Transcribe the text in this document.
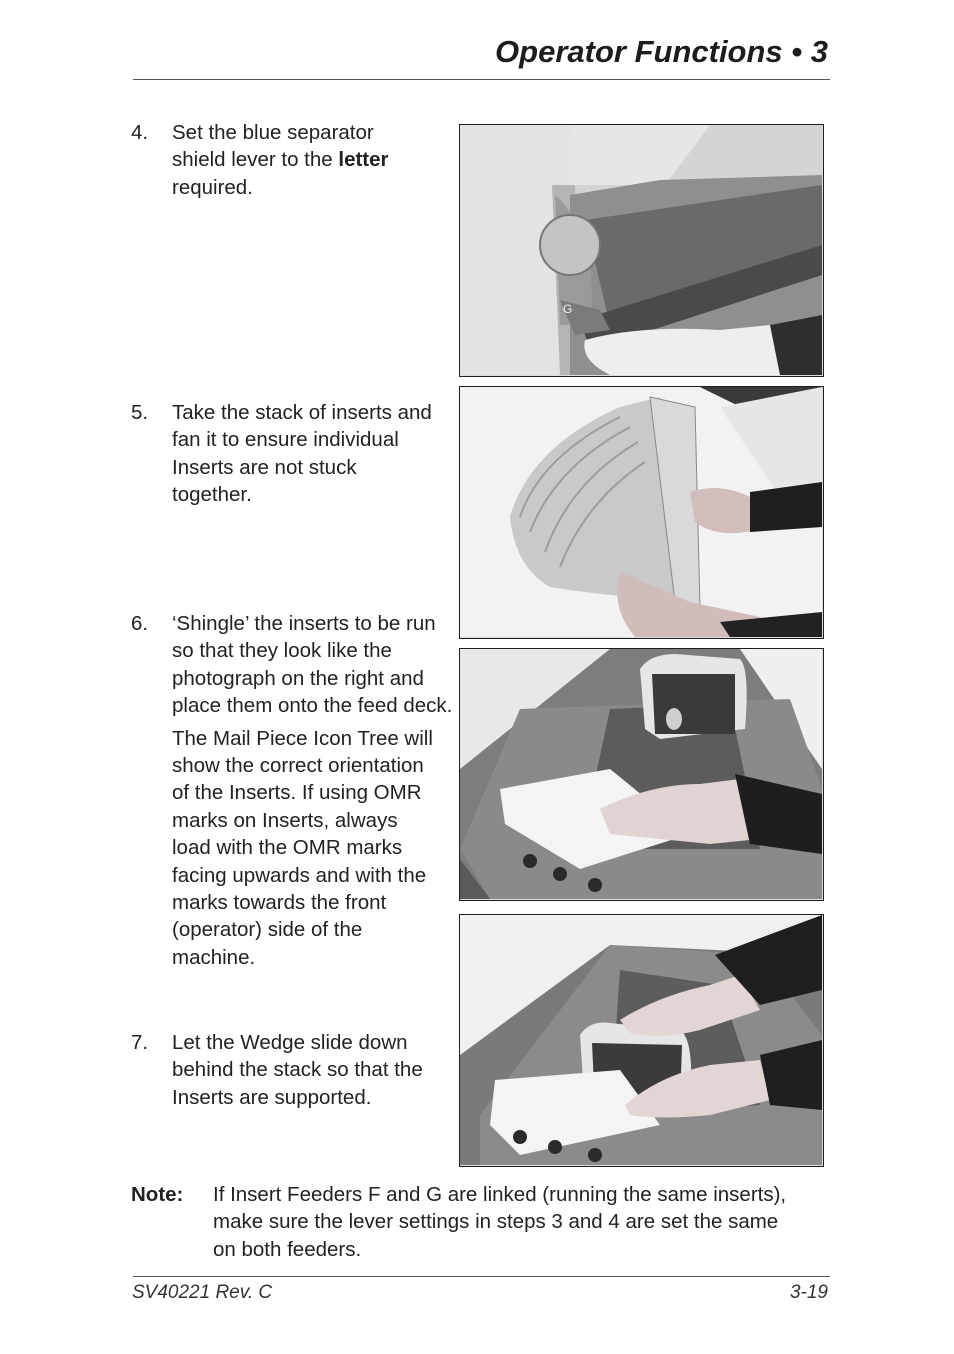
Operator Functions • 3
4. Set the blue separator shield lever to the letter required.

5. Take the stack of inserts and fan it to ensure individual Inserts are not stuck together.

6. ‘Shingle’ the inserts to be run so that they look like the photograph on the right and place them onto the feed deck.

The Mail Piece Icon Tree will show the correct orientation of the Inserts. If using OMR marks on Inserts, always load with the OMR marks facing upwards and with the marks towards the front (operator) side of the machine.

7. Let the Wedge slide down behind the stack so that the Inserts are supported.

G
Note: If Insert Feeders F and G are linked (running the same inserts), make sure the lever settings in steps 3 and 4 are set the same on both feeders.
SV40221 Rev. C	3-19
